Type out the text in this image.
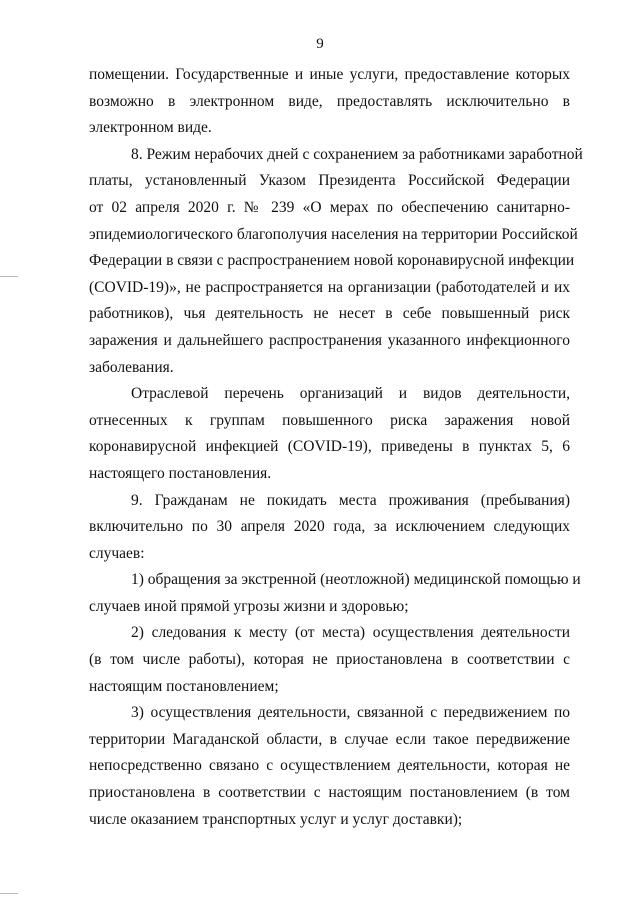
9
помещении. Государственные и иные услуги, предоставление которых
возможно в электронном виде, предоставлять исключительно в
электронном виде.
8. Режим нерабочих дней с сохранением за работниками заработной
платы, установленный Указом Президента Российской Федерации
от 02 апреля 2020 г. № 239 «О мерах по обеспечению санитарно-
эпидемиологического благополучия населения на территории Российской
Федерации в связи с распространением новой коронавирусной инфекции
(COVID-19)», не распространяется на организации (работодателей и их
работников), чья деятельность не несет в себе повышенный риск
заражения и дальнейшего распространения указанного инфекционного
заболевания.
Отраслевой перечень организаций и видов деятельности,
отнесенных к группам повышенного риска заражения новой
коронавирусной инфекцией (COVID-19), приведены в пунктах 5, 6
настоящего постановления.
9. Гражданам не покидать места проживания (пребывания)
включительно по 30 апреля 2020 года, за исключением следующих
случаев:
1) обращения за экстренной (неотложной) медицинской помощью и
случаев иной прямой угрозы жизни и здоровью;
2) следования к месту (от места) осуществления деятельности
(в том числе работы), которая не приостановлена в соответствии с
настоящим постановлением;
3) осуществления деятельности, связанной с передвижением по
территории Магаданской области, в случае если такое передвижение
непосредственно связано с осуществлением деятельности, которая не
приостановлена в соответствии с настоящим постановлением (в том
числе оказанием транспортных услуг и услуг доставки);
